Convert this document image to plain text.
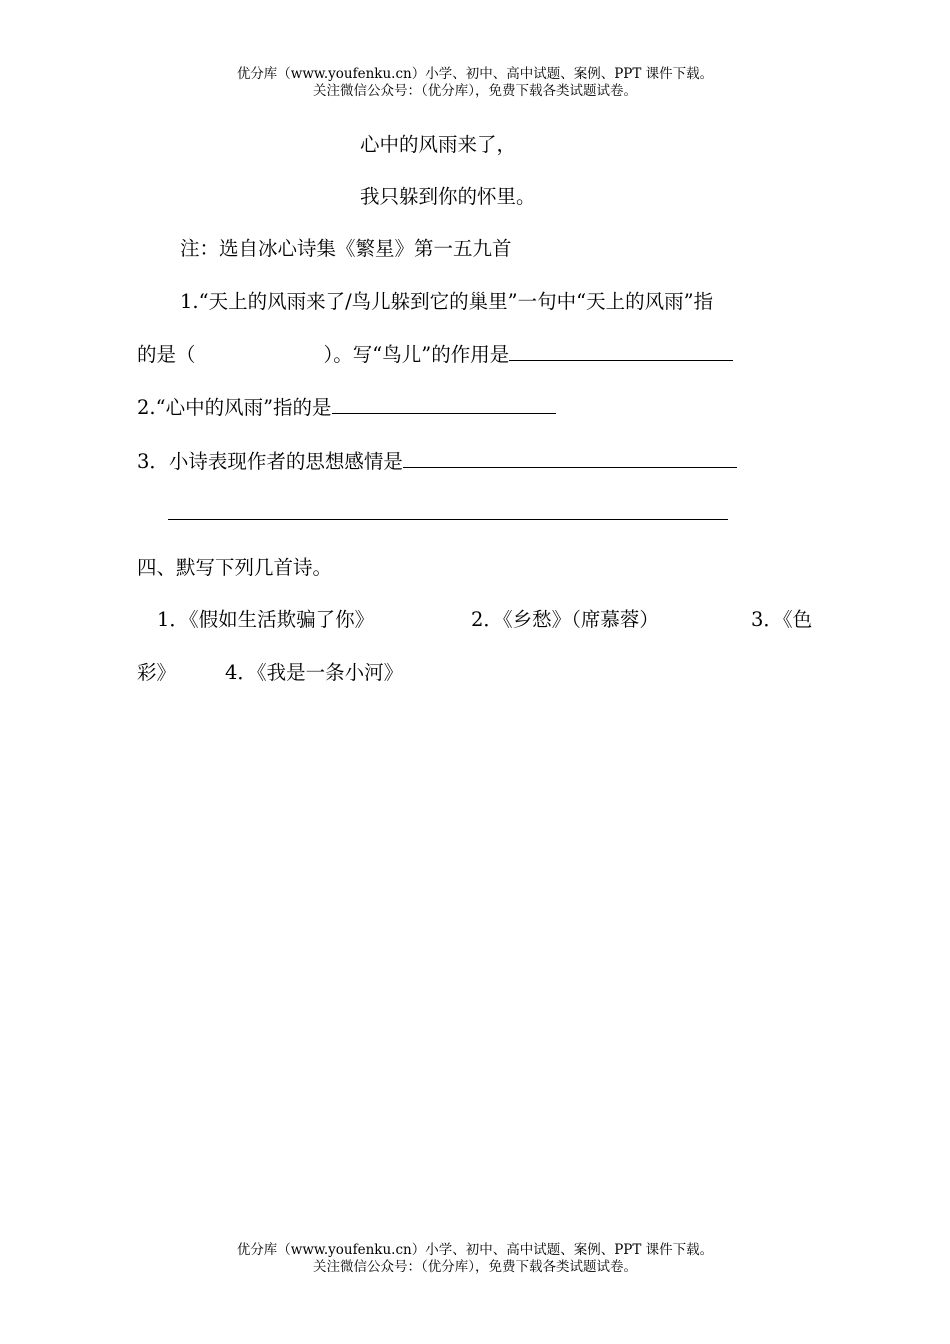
优分库（www.youfenku.cn）小学、初中、高中试题、案例、PPT 课件下载。
关注微信公众号：（优分库），免费下载各类试题试卷。
心中的风雨来了，
我只躲到你的怀里。
注：选自冰心诗集《繁星》第一五九首
1.“天上的风雨来了/鸟儿躲到它的巢里”一句中“天上的风雨”指
的是（	）。写“鸟儿”的作用是
2.“心中的风雨”指的是
3．小诗表现作者的思想感情是
四、默写下列几首诗。
1．《假如生活欺骗了你》	2．《乡愁》（席慕蓉）	3．《色
彩》	4．《我是一条小河》
优分库（www.youfenku.cn）小学、初中、高中试题、案例、PPT 课件下载。
关注微信公众号：（优分库），免费下载各类试题试卷。
